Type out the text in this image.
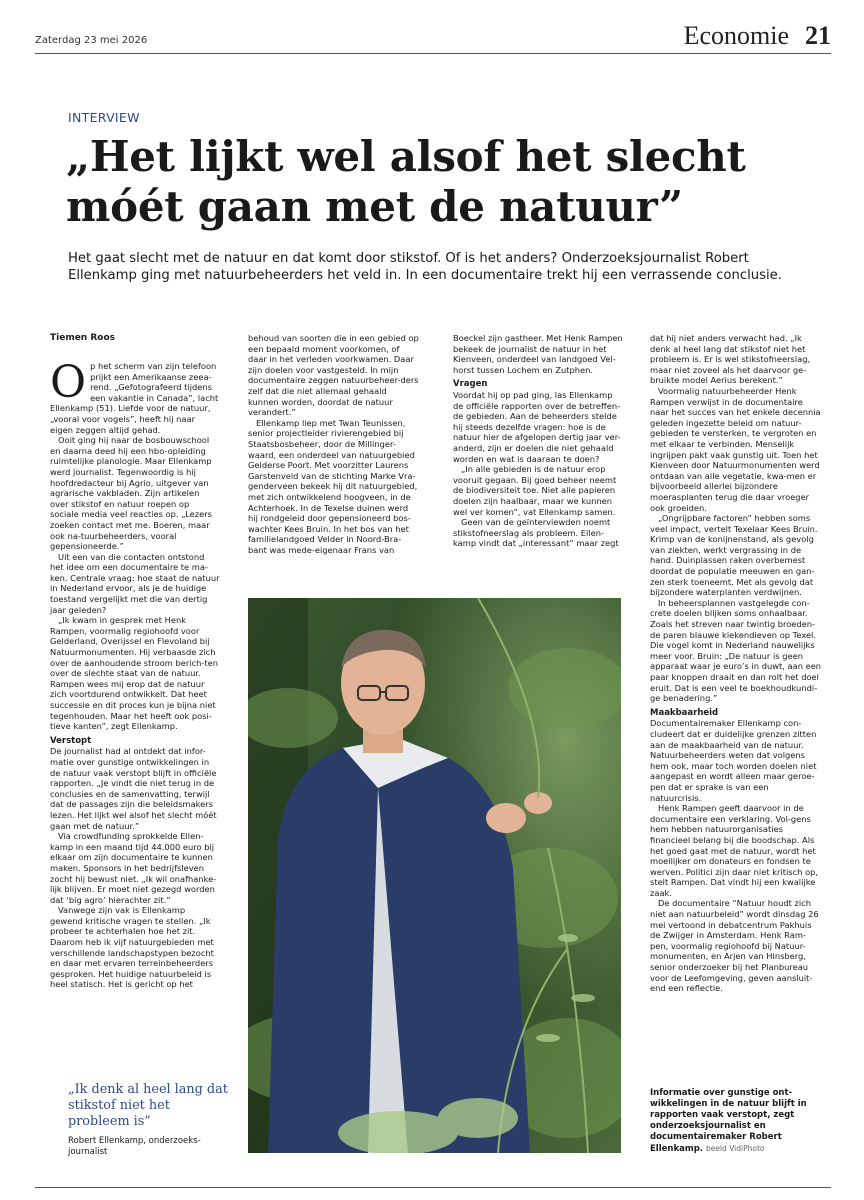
Zaterdag 23 mei 2026	Economie 21
INTERVIEW
„Het lijkt wel alsof het slecht móét gaan met de natuur”

Het gaat slecht met de natuur en dat komt door stikstof. Of is het anders? Onderzoeksjournalist Robert Ellenkamp ging met natuurbeheerders het veld in. In een documentaire trekt hij een verrassende conclusie.

Tiemen Roos

Op het scherm van zijn telefoon prijkt een Amerikaanse zeea-rend. „Gefotografeerd tijdens een vakantie in Canada”, lacht Ellenkamp (51). Liefde voor de natuur, „vooral voor vogels”, heeft hij naar eigen zeggen altijd gehad.

Ooit ging hij naar de bosbouwschool en daarna deed hij een hbo-opleiding ruimtelijke planologie. Maar Ellenkamp werd journalist. Tegenwoordig is hij hoofdredacteur bij Agrio, uitgever van agrarische vakbladen. Zijn artikelen over stikstof en natuur roepen op sociale media veel reacties op. „Lezers zoeken contact met me. Boeren, maar ook na-tuurbeheerders, vooral gepensioneerde.”

Uit een van die contacten ontstond het idee om een documentaire te ma-ken. Centrale vraag: hoe staat de natuur in Nederland ervoor, als je de huidige toestand vergelijkt met die van dertig jaar geleden?

„Ik kwam in gesprek met Henk Rampen, voormalig regiohoofd voor Gelderland, Overijssel en Flevoland bij Natuurmonumenten. Hij verbaasde zich over de aanhoudende stroom berich-ten over de slechte staat van de natuur. Rampen wees mij erop dat de natuur zich voortdurend ontwikkelt. Dat heet successie en dit proces kun je bijna niet tegenhouden. Maar het heeft ook posi-tieve kanten”, zegt Ellenkamp.

Verstopt

De journalist had al ontdekt dat infor-matie over gunstige ontwikkelingen in de natuur vaak verstopt blijft in officiële rapporten. „Je vindt die niet terug in de conclusies en de samenvatting, terwijl dat de passages zijn die beleidsmakers lezen. Het lijkt wel alsof het slecht móét gaan met de natuur.”

Via crowdfunding sprokkelde Ellen-kamp in een maand tijd 44.000 euro bij elkaar om zijn documentaire te kunnen maken. Sponsors in het bedrijfsleven zocht hij bewust niet. „Ik wil onafhanke-lijk blijven. Er moet niet gezegd worden dat ‘big agro’ hierachter zit.”

Vanwege zijn vak is Ellenkamp gewend kritische vragen te stellen. „Ik probeer te achterhalen hoe het zit. Daarom heb ik vijf natuurgebieden met verschillende landschapstypen bezocht en daar met ervaren terreinbeheerders gesproken. Het huidige natuurbeleid is heel statisch. Het is gericht op het

behoud van soorten die in een gebied op een bepaald moment voorkomen, of daar in het verleden voorkwamen. Daar zijn doelen voor vastgesteld. In mijn documentaire zeggen natuurbeheer-ders zelf dat die niet allemaal gehaald kunnen worden, doordat de natuur verandert.”

Ellenkamp liep met Twan Teunissen, senior projectleider rivierengebied bij Staatsbosbeheer, door de Millinger-waard, een onderdeel van natuurgebied Gelderse Poort. Met voorzitter Laurens Garstenveld van de stichting Marke Vra-genderveen bekeek hij dit natuurgebied, met zich ontwikkelend hoogveen, in de Achterhoek. In de Texelse duinen werd hij rondgeleid door gepensioneerd bos-wachter Kees Bruin. In het bos van het familielandgoed Velder in Noord-Bra-bant was mede-eigenaar Frans van

Boeckel zijn gastheer. Met Henk Rampen bekeek de journalist de natuur in het Kienveen, onderdeel van landgoed Vel-horst tussen Lochem en Zutphen.

Vragen

Voordat hij op pad ging, las Ellenkamp de officiële rapporten over de betreffen-de gebieden. Aan de beheerders stelde hij steeds dezelfde vragen: hoe is de natuur hier de afgelopen dertig jaar ver-anderd, zijn er doelen die niet gehaald worden en wat is daaraan te doen?

„In alle gebieden is de natuur erop vooruit gegaan. Bij goed beheer neemt de biodiversiteit toe. Niet alle papieren doelen zijn haalbaar, maar we kunnen wel ver komen”, vat Ellenkamp samen.

Geen van de geïnterviewden noemt stikstofneerslag als probleem. Ellen-kamp vindt dat „interessant” maar zegt

dat hij niet anders verwacht had. „Ik denk al heel lang dat stikstof niet het probleem is. Er is wel stikstofneerslag, maar niet zoveel als het daarvoor ge-bruikte model Aerius berekent.”

Voormalig natuurbeheerder Henk Rampen verwijst in de documentaire naar het succes van het enkele decennia geleden ingezette beleid om natuur-gebieden te versterken, te vergroten en met elkaar te verbinden. Menselijk ingrijpen pakt vaak gunstig uit. Toen het Kienveen door Natuurmonumenten werd ontdaan van alle vegetatie, kwa-men er bijvoorbeeld allerlei bijzondere moerasplanten terug die daar vroeger ook groeiden.

„Ongrijpbare factoren” hebben soms veel impact, vertelt Texelaar Kees Bruin. Krimp van de konijnenstand, als gevolg van ziekten, werkt vergrassing in de hand. Duinplassen raken overbemest doordat de populatie meeuwen en gan-zen sterk toeneemt. Met als gevolg dat bijzondere waterplanten verdwijnen.

In beheersplannen vastgelegde con-crete doelen blijken soms onhaalbaar. Zoals het streven naar twintig broeden-de paren blauwe kiekendieven op Texel. Die vogel komt in Nederland nauwelijks meer voor. Bruin: „De natuur is geen apparaat waar je euro’s in duwt, aan een paar knoppen draait en dan rolt het doel eruit. Dat is een veel te boekhoudkundi-ge benadering.”

Maakbaarheid

Documentairemaker Ellenkamp con-cludeert dat er duidelijke grenzen zitten aan de maakbaarheid van de natuur. Natuurbeheerders weten dat volgens hem ook, maar toch worden doelen niet aangepast en wordt alleen maar geroe-pen dat er sprake is van een natuurcrisis.

Henk Rampen geeft daarvoor in de documentaire een verklaring. Vol-gens hem hebben natuurorganisaties financieel belang bij die boodschap. Als het goed gaat met de natuur, wordt het moeilijker om donateurs en fondsen te werven. Politici zijn daar niet kritisch op, stelt Rampen. Dat vindt hij een kwalijke zaak.

De documentaire “Natuur houdt zich niet aan natuurbeleid” wordt dinsdag 26 mei vertoond in debatcentrum Pakhuis de Zwijger in Amsterdam. Henk Ram-pen, voormalig regiohoofd bij Natuur-monumenten, en Arjen van Hinsberg, senior onderzoeker bij het Planbureau voor de Leefomgeving, geven aansluit-end een reflectie.

„Ik denk al heel lang dat stikstof niet het probleem is”
Robert Ellenkamp, onderzoeks-journalist
Informatie over gunstige ont-wikkelingen in de natuur blijft in rapporten vaak verstopt, zegt onderzoeksjournalist en documentairemaker Robert Ellenkamp. beeld VidiPhoto
